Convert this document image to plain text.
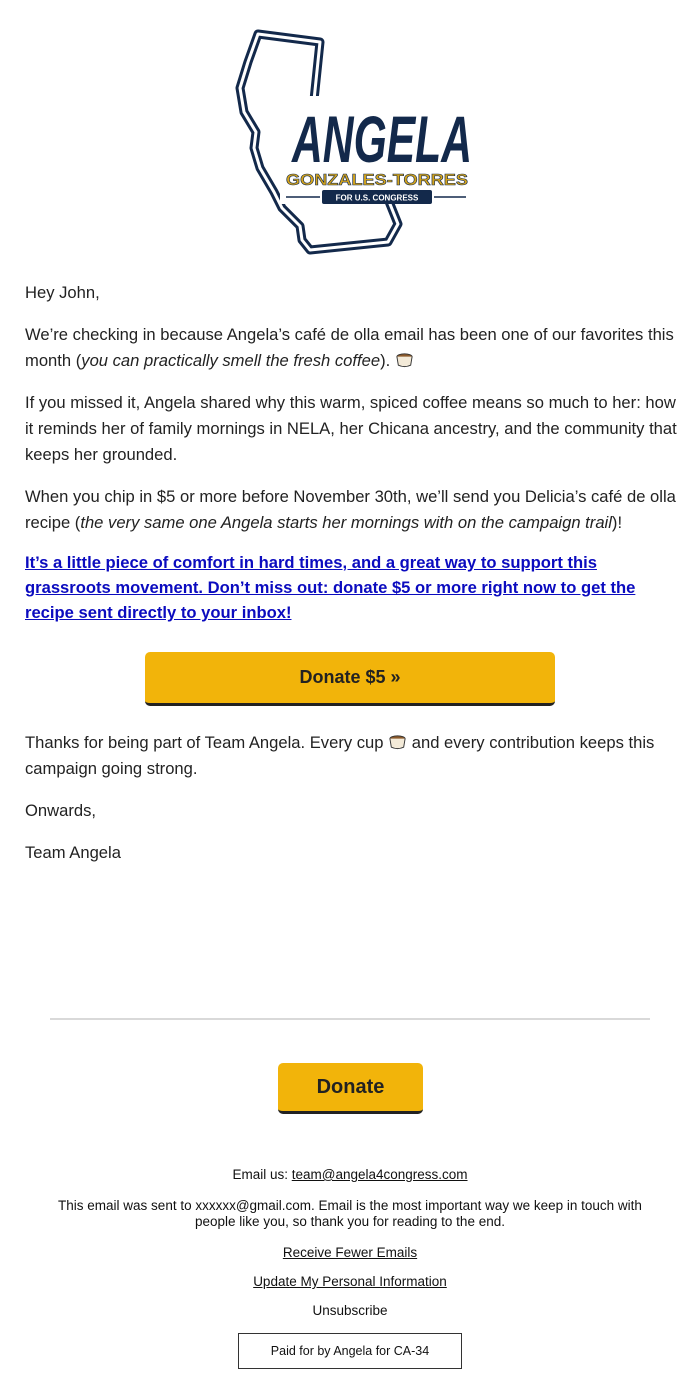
ANGELA
GONZALES-TORRES
FOR U.S. CONGRESS

Hey John,

We’re checking in because Angela’s café de olla email has been one of our favorites this month (you can practically smell the fresh coffee).

If you missed it, Angela shared why this warm, spiced coffee means so much to her: how it reminds her of family mornings in NELA, her Chicana ancestry, and the community that keeps her grounded.

When you chip in $5 or more before November 30th, we’ll send you Delicia’s café de olla recipe (the very same one Angela starts her mornings with on the campaign trail)!

It’s a little piece of comfort in hard times, and a great way to support this grassroots movement. Don’t miss out: donate $5 or more right now to get the recipe sent directly to your inbox!
Donate $5 »

Thanks for being part of Team Angela. Every cup  and every contribution keeps this campaign going strong.

Onwards,

Team Angela

Donate
Email us: team@angela4congress.com
This email was sent to xxxxxx@gmail.com. Email is the most important way we keep in touch with people like you, so thank you for reading to the end.
Receive Fewer Emails
Update My Personal Information
Unsubscribe
Paid for by Angela for CA-34
